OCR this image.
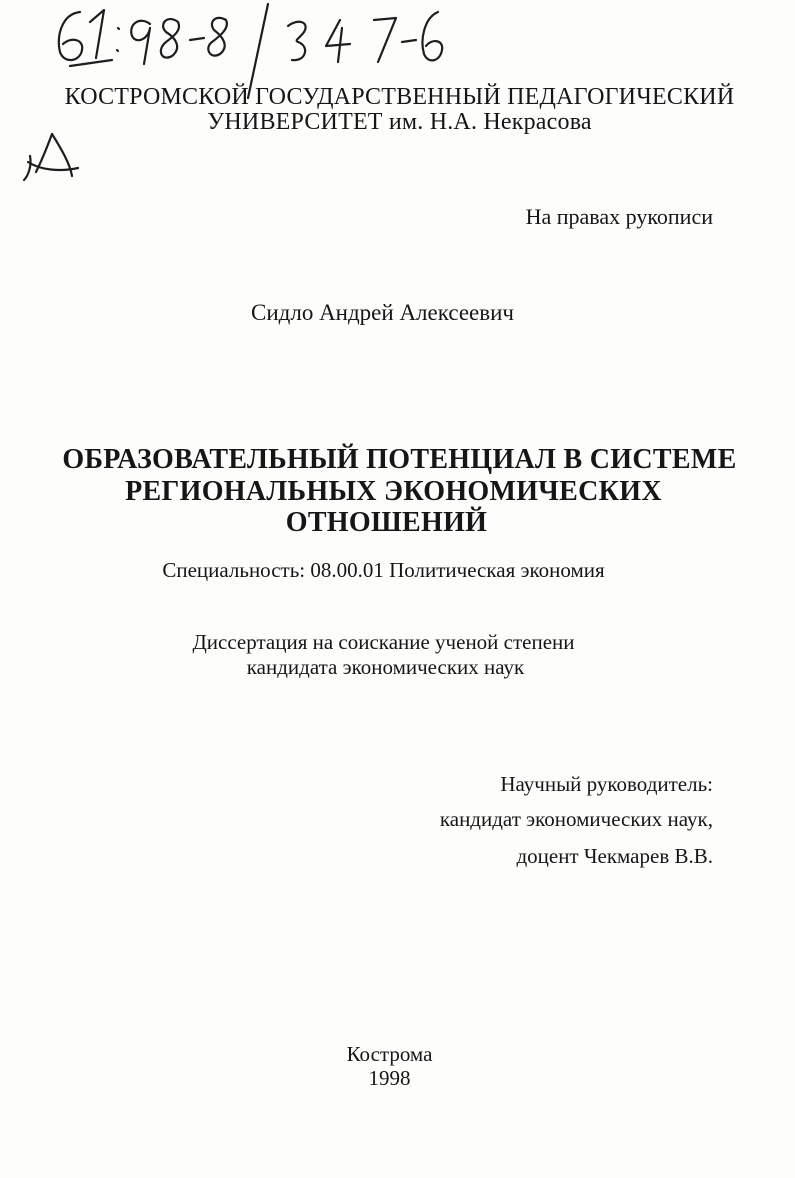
КОСТРОМСКОЙ ГОСУДАРСТВЕННЫЙ ПЕДАГОГИЧЕСКИЙ
УНИВЕРСИТЕТ им. Н.А. Некрасова
На правах рукописи
Сидло Андрей Алексеевич
ОБРАЗОВАТЕЛЬНЫЙ ПОТЕНЦИАЛ В СИСТЕМЕ
РЕГИОНАЛЬНЫХ ЭКОНОМИЧЕСКИХ
ОТНОШЕНИЙ
Специальность: 08.00.01 Политическая экономия
Диссертация на соискание ученой степени
кандидата экономических наук
Научный руководитель:
кандидат экономических наук,
доцент Чекмарев В.В.
Кострома
1998
